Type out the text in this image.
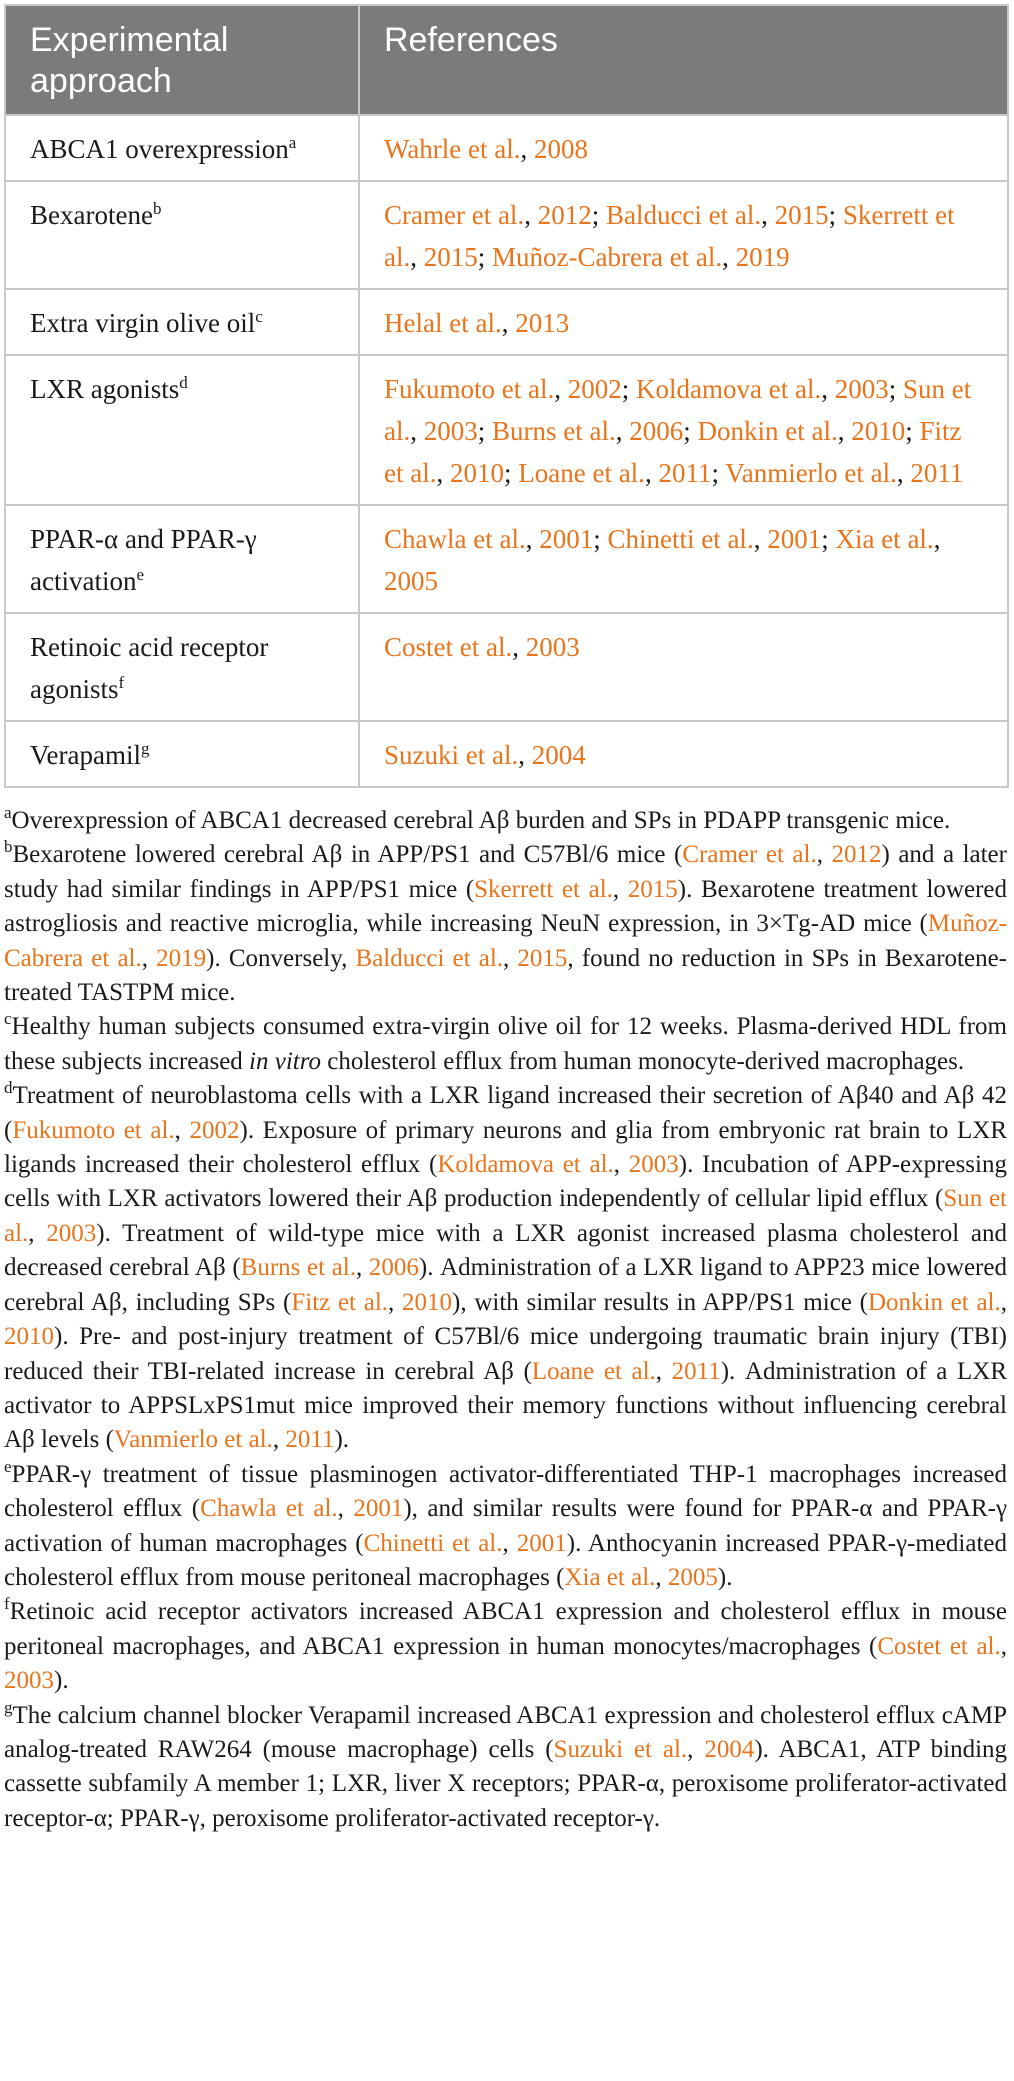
Experimental approach	References
ABCA1 overexpression$^a$	Wahrle et al., 2008
Bexarotene$^b$	Cramer et al., 2012; Balducci et al., 2015; Skerrett et al., 2015; Muñoz-Cabrera et al., 2019
Extra virgin olive oil$^c$	Helal et al., 2013
LXR agonists$^d$	Fukumoto et al., 2002; Koldamova et al., 2003; Sun et al., 2003; Burns et al., 2006; Donkin et al., 2010; Fitz et al., 2010; Loane et al., 2011; Vanmierlo et al., 2011
PPAR-α and PPAR-γ activation$^e$	Chawla et al., 2001; Chinetti et al., 2001; Xia et al., 2005
Retinoic acid receptor agonists$^f$	Costet et al., 2003
Verapamil$^g$	Suzuki et al., 2004

$^a$Overexpression of ABCA1 decreased cerebral Aβ burden and SPs in PDAPP transgenic mice.

$^b$Bexarotene lowered cerebral Aβ in APP/PS1 and C57Bl/6 mice (Cramer et al., 2012) and a later study had similar findings in APP/PS1 mice (Skerrett et al., 2015). Bexarotene treatment lowered astrogliosis and reactive microglia, while increasing NeuN expression, in 3×Tg-AD mice (Muñoz-Cabrera et al., 2019). Conversely, Balducci et al., 2015, found no reduction in SPs in Bexarotene-treated TASTPM mice.

$^c$Healthy human subjects consumed extra-virgin olive oil for 12 weeks. Plasma-derived HDL from these subjects increased in vitro cholesterol efflux from human monocyte-derived macrophages.

$^d$Treatment of neuroblastoma cells with a LXR ligand increased their secretion of Aβ40 and Aβ 42 (Fukumoto et al., 2002). Exposure of primary neurons and glia from embryonic rat brain to LXR ligands increased their cholesterol efflux (Koldamova et al., 2003). Incubation of APP-expressing cells with LXR activators lowered their Aβ production independently of cellular lipid efflux (Sun et al., 2003). Treatment of wild-type mice with a LXR agonist increased plasma cholesterol and decreased cerebral Aβ (Burns et al., 2006). Administration of a LXR ligand to APP23 mice lowered cerebral Aβ, including SPs (Fitz et al., 2010), with similar results in APP/PS1 mice (Donkin et al., 2010). Pre- and post-injury treatment of C57Bl/6 mice undergoing traumatic brain injury (TBI) reduced their TBI-related increase in cerebral Aβ (Loane et al., 2011). Administration of a LXR activator to APPSLxPS1mut mice improved their memory functions without influencing cerebral Aβ levels (Vanmierlo et al., 2011).

$^e$PPAR-γ treatment of tissue plasminogen activator-differentiated THP-1 macrophages increased cholesterol efflux (Chawla et al., 2001), and similar results were found for PPAR-α and PPAR-γ activation of human macrophages (Chinetti et al., 2001). Anthocyanin increased PPAR-γ-mediated cholesterol efflux from mouse peritoneal macrophages (Xia et al., 2005).

$^f$Retinoic acid receptor activators increased ABCA1 expression and cholesterol efflux in mouse peritoneal macrophages, and ABCA1 expression in human monocytes/macrophages (Costet et al., 2003).

$^g$The calcium channel blocker Verapamil increased ABCA1 expression and cholesterol efflux cAMP analog-treated RAW264 (mouse macrophage) cells (Suzuki et al., 2004). ABCA1, ATP binding cassette subfamily A member 1; LXR, liver X receptors; PPAR-α, peroxisome proliferator-activated receptor-α; PPAR-γ, peroxisome proliferator-activated receptor-γ.
